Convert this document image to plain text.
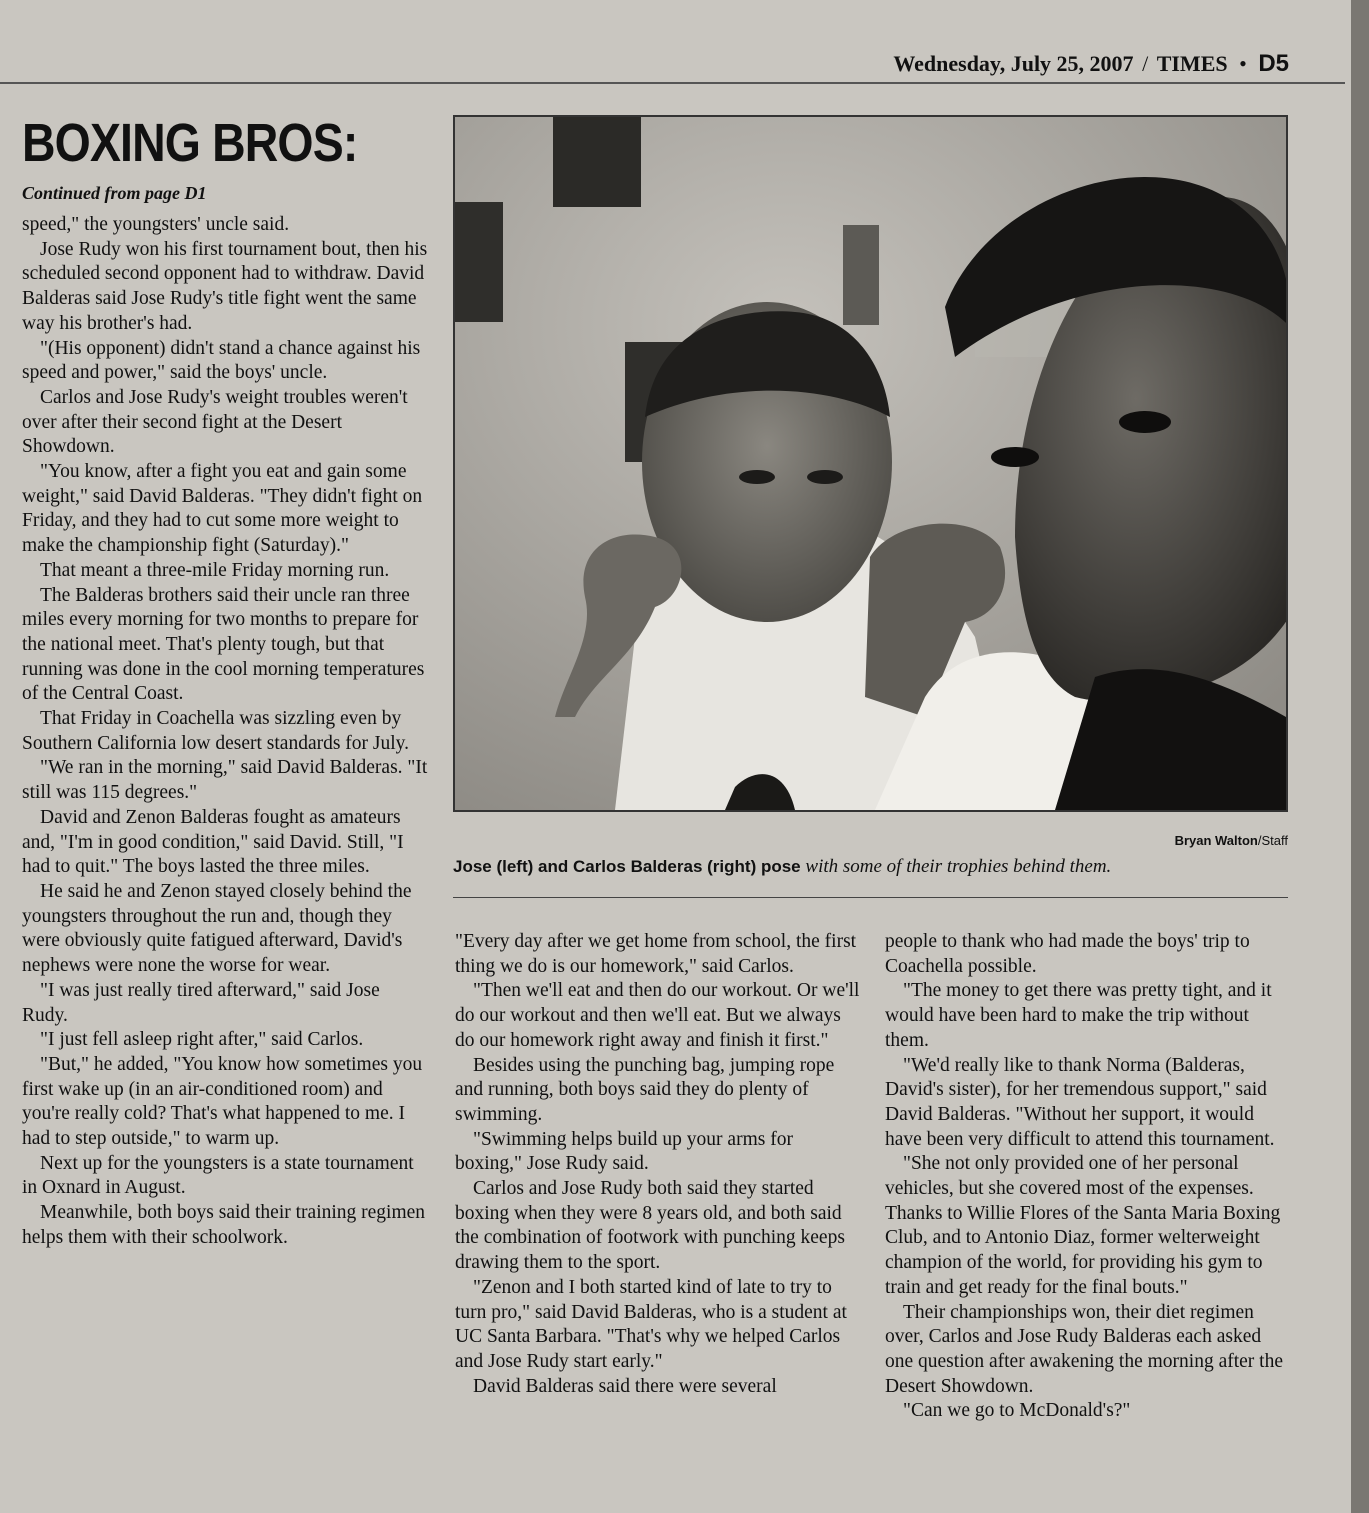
Wednesday, July 25, 2007 / TIMES • D5
BOXING BROS:
Continued from page D1

speed," the youngsters' uncle said.

Jose Rudy won his first tournament bout, then his scheduled second opponent had to withdraw. David Balderas said Jose Rudy's title fight went the same way his brother's had.

"(His opponent) didn't stand a chance against his speed and power," said the boys' uncle.

Carlos and Jose Rudy's weight troubles weren't over after their second fight at the Desert Showdown.

"You know, after a fight you eat and gain some weight," said David Balderas. "They didn't fight on Friday, and they had to cut some more weight to make the championship fight (Saturday)."

That meant a three-mile Friday morning run.

The Balderas brothers said their uncle ran three miles every morning for two months to prepare for the national meet. That's plenty tough, but that running was done in the cool morning temperatures of the Central Coast.

That Friday in Coachella was sizzling even by Southern California low desert standards for July.

"We ran in the morning," said David Balderas. "It still was 115 degrees."

David and Zenon Balderas fought as amateurs and, "I'm in good condition," said David. Still, "I had to quit." The boys lasted the three miles.

He said he and Zenon stayed closely behind the youngsters throughout the run and, though they were obviously quite fatigued afterward, David's nephews were none the worse for wear.

"I was just really tired afterward," said Jose Rudy.

"I just fell asleep right after," said Carlos.

"But," he added, "You know how sometimes you first wake up (in an air-conditioned room) and you're really cold? That's what happened to me. I had to step outside," to warm up.

Next up for the youngsters is a state tournament in Oxnard in August.

Meanwhile, both boys said their training regimen helps them with their schoolwork.

Bryan Walton/Staff
Jose (left) and Carlos Balderas (right) pose with some of their trophies behind them.

"Every day after we get home from school, the first thing we do is our homework," said Carlos.

"Then we'll eat and then do our workout. Or we'll do our workout and then we'll eat. But we always do our homework right away and finish it first."

Besides using the punching bag, jumping rope and running, both boys said they do plenty of swimming.

"Swimming helps build up your arms for boxing," Jose Rudy said.

Carlos and Jose Rudy both said they started boxing when they were 8 years old, and both said the combination of footwork with punching keeps drawing them to the sport.

"Zenon and I both started kind of late to try to turn pro," said David Balderas, who is a student at UC Santa Barbara. "That's why we helped Carlos and Jose Rudy start early."

David Balderas said there were several

people to thank who had made the boys' trip to Coachella possible.

"The money to get there was pretty tight, and it would have been hard to make the trip without them.

"We'd really like to thank Norma (Balderas, David's sister), for her tremendous support," said David Balderas. "Without her support, it would have been very difficult to attend this tournament.

"She not only provided one of her personal vehicles, but she covered most of the expenses. Thanks to Willie Flores of the Santa Maria Boxing Club, and to Antonio Diaz, former welterweight champion of the world, for providing his gym to train and get ready for the final bouts."

Their championships won, their diet regimen over, Carlos and Jose Rudy Balderas each asked one question after awakening the morning after the Desert Showdown.

"Can we go to McDonald's?"
